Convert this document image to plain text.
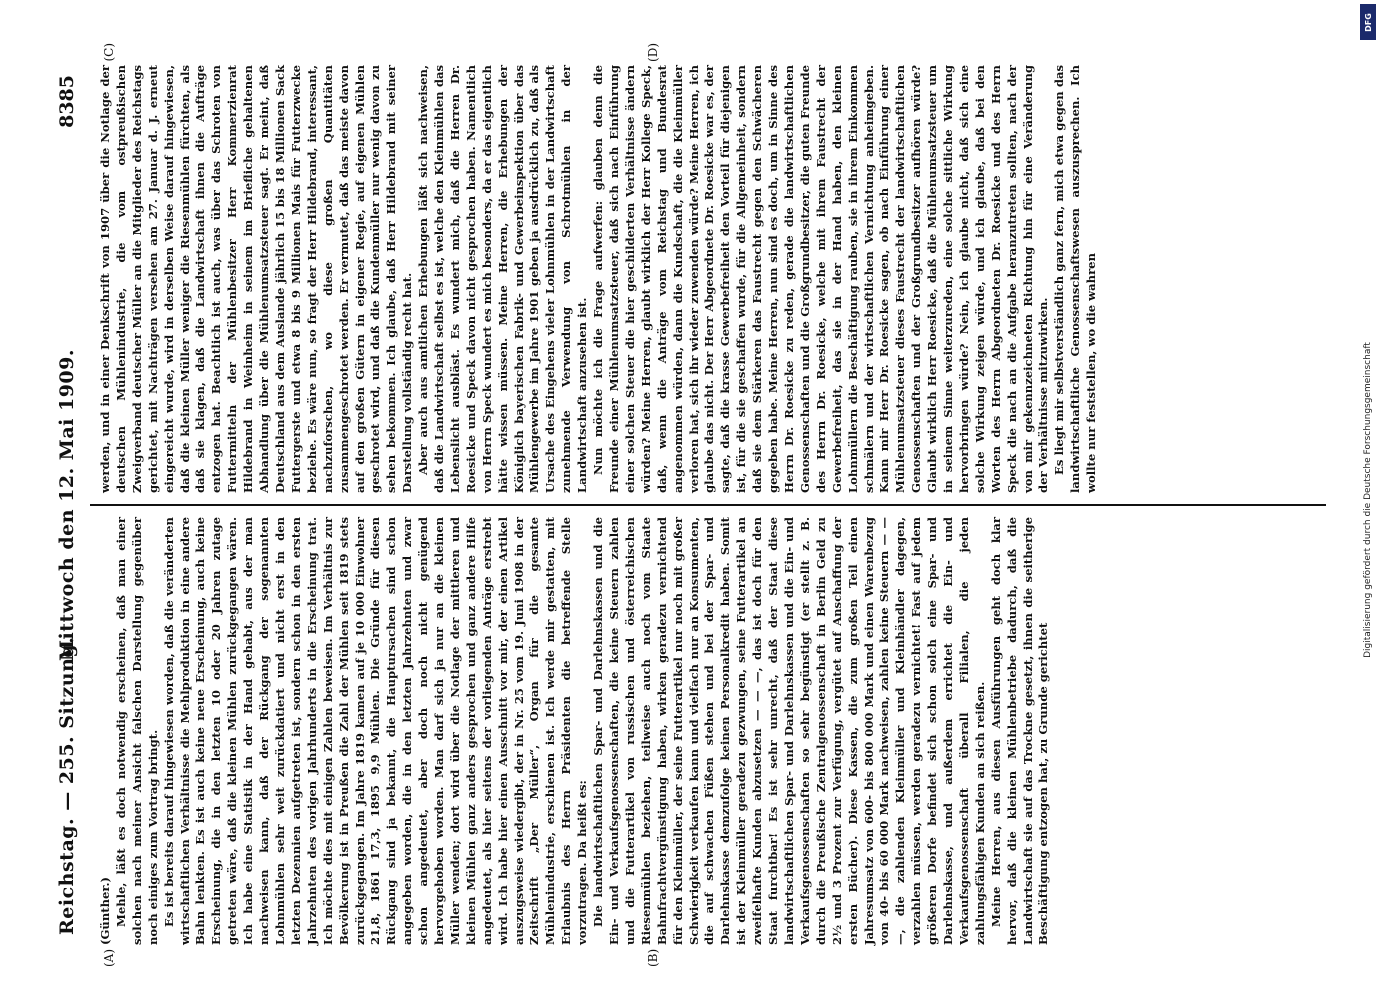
Reichstag. — 255. Sitzung.
Mittwoch den 12. Mai 1909.
8385
(A)	(B)
(C)	(D)

(Günther.) Mehle, läßt es doch notwendig erscheinen, daß man einer solchen nach meiner Ansicht falschen Darstellung gegenüber noch einiges zum Vortrag bringt. Es ist bereits darauf hingewiesen worden, daß die veränderten wirtschaftlichen Verhältnisse die Mehlproduktion in eine andere Bahn lenkten. Es ist auch keine neue Erscheinung, auch keine Erscheinung, die in den letzten 10 oder 20 Jahren zutage getreten wäre, daß die kleinen Mühlen zurückgegangen wären. Ich habe eine Statistik in der Hand gehabt, aus der man nachweisen kann, daß der Rückgang der sogenannten Lohnmühlen sehr weit zurückdatiert und nicht erst in den letzten Dezennien aufgetreten ist, sondern schon in den ersten Jahrzehnten des vorigen Jahrhunderts in die Erscheinung trat. Ich möchte dies mit einigen Zahlen beweisen. Im Verhältnis zur Bevölkerung ist in Preußen die Zahl der Mühlen seit 1819 stets zurückgegangen. Im Jahre 1819 kamen auf je 10 000 Einwohner 21,8, 1861 17,3, 1895 9,9 Mühlen. Die Gründe für diesen Rückgang sind ja bekannt, die Hauptursachen sind schon angegeben worden, die in den letzten Jahrzehnten und zwar schon angedeutet, aber doch noch nicht genügend hervorgehoben worden. Man darf sich ja nur an die kleinen Müller wenden; dort wird über die Notlage der mittleren und kleinen Mühlen ganz anders gesprochen und ganz andere Hilfe angedeutet, als hier seitens der vorliegenden Anträge erstrebt wird. Ich habe hier einen Ausschnitt vor mir, der einen Artikel auszugsweise wiedergibt, der in Nr. 25 vom 19. Juni 1908 in der Zeitschrift „Der Müller“, Organ für die gesamte Mühlenindustrie, erschienen ist. Ich werde mir gestatten, mit Erlaubnis des Herrn Präsidenten die betreffende Stelle vorzutragen. Da heißt es: Die landwirtschaftlichen Spar- und Darlehnskassen und die Ein- und Verkaufsgenossenschaften, die keine Steuern zahlen und die Futterartikel von russischen und österreichischen Riesenmühlen beziehen, teilweise auch noch vom Staate Bahnfrachtvergünstigung haben, wirken geradezu vernichtend für den Kleinmüller, der seine Futterartikel nur noch mit großer Schwierigkeit verkaufen kann und vielfach nur an Konsumenten, die auf schwachen Füßen stehen und bei der Spar- und Darlehnskasse demzufolge keinen Personalkredit haben. Somit ist der Kleinmüller geradezu gezwungen, seine Futterartikel an zweifelhafte Kunden abzusetzen — — —, das ist doch für den Staat furchtbar! Es ist sehr unrecht, daß der Staat diese landwirtschaftlichen Spar- und Darlehnskassen und die Ein- und Verkaufsgenossenschaften so sehr begünstigt (er stellt z. B. durch die Preußische Zentralgenossenschaft in Berlin Geld zu 2½ und 3 Prozent zur Verfügung, vergütet auf Anschaffung der ersten Bücher). Diese Kassen, die zum großen Teil einen Jahresumsatz von 600- bis 800 000 Mark und einen Warenbezug von 40- bis 60 000 Mark nachweisen, zahlen keine Steuern — — —, die zahlenden Kleinmüller und Kleinhändler dagegen, verzahlen müssen, werden geradezu vernichtet! Fast auf jedem größeren Dorfe befindet sich schon solch eine Spar- und Darlehnskasse, und außerdem errichtet die Ein- und Verkaufsgenossenschaft überall Filialen, die jeden zahlungsfähigen Kunden an sich reißen. Meine Herren, aus diesen Ausführungen geht doch klar hervor, daß die kleinen Mühlenbetriebe dadurch, daß die Landwirtschaft sie auf das Trockne gesetzt, ihnen die seitherige Beschäftigung entzogen hat, zu Grunde gerichtet

werden, und in einer Denkschrift von 1907 über die Notlage der deutschen Mühlenindustrie, die vom ostpreußischen Zweigverband deutscher Müller an die Mitglieder des Reichstags gerichtet, mit Nachträgen versehen am 27. Januar d. J. erneut eingereicht wurde, wird in derselben Weise darauf hingewiesen, daß die kleinen Müller weniger die Riesenmühlen fürchten, als daß sie klagen, daß die Landwirtschaft ihnen die Aufträge entzogen hat. Beachtlich ist auch, was über das Schroten von Futtermitteln der Mühlenbesitzer Herr Kommerzienrat Hildebrand in Weinheim in seinem im Briefliche gehaltenen Abhandlung über die Mühlenumsatzsteuer sagt. Er meint, daß Deutschland aus dem Auslande jährlich 15 bis 18 Millionen Sack Futtergerste und etwa 8 bis 9 Millionen Mais für Futterzwecke beziehe. Es wäre nun, so fragt der Herr Hildebrand, interessant, nachzuforschen, wo diese großen Quantitäten zusammengeschrotet werden. Er vermutet, daß das meiste davon auf den großen Gütern in eigener Regie, auf eigenen Mühlen geschrotet wird, und daß die Kundenmüller nur wenig davon zu sehen bekommen. Ich glaube, daß Herr Hildebrand mit seiner Darstellung vollständig recht hat. Aber auch aus amtlichen Erhebungen läßt sich nachweisen, daß die Landwirtschaft selbst es ist, welche den Kleinmühlen das Lebenslicht ausbläst. Es wundert mich, daß die Herren Dr. Roesicke und Speck davon nicht gesprochen haben. Namentlich von Herrn Speck wundert es mich besonders, da er das eigentlich hätte wissen müssen. Meine Herren, die Erhebungen der Königlich bayerischen Fabrik- und Gewerbeinspektion über das Mühlengewerbe im Jahre 1901 geben ja ausdrücklich zu, daß als Ursache des Eingehens vieler Lohnmühlen in der Landwirtschaft zunehmende Verwendung von Schrotmühlen in der Landwirtschaft anzusehen ist. Nun möchte ich die Frage aufwerfen: glauben denn die Freunde einer Mühlenumsatzsteuer, daß sich nach Einführung einer solchen Steuer die hier geschilderten Verhältnisse ändern würden? Meine Herren, glaubt wirklich der Herr Kollege Speck, daß, wenn die Anträge vom Reichstag und Bundesrat angenommen würden, dann die Kundschaft, die die Kleinmüller verloren hat, sich ihr wieder zuwenden würde? Meine Herren, ich glaube das nicht. Der Herr Abgeordnete Dr. Roesicke war es, der sagte, daß die krasse Gewerbefreiheit den Vorteil für diejenigen ist, für die sie geschaffen wurde, für die Allgemeinheit, sondern daß sie dem Stärkeren das Faustrecht gegen den Schwächeren gegeben habe. Meine Herren, nun sind es doch, um in Sinne des Herrn Dr. Roesicke zu reden, gerade die landwirtschaftlichen Genossenschaften und die Großgrundbesitzer, die guten Freunde des Herrn Dr. Roesicke, welche mit ihrem Faustrecht der Gewerbefreiheit, das sie in der Hand haben, den kleinen Lohnmüllern die Beschäftigung rauben, sie in ihrem Einkommen schmälern und der wirtschaftlichen Vernichtung anheimgeben. Kann mir Herr Dr. Roesicke sagen, ob nach Einführung einer Mühlenumsatzsteuer dieses Faustrecht der landwirtschaftlichen Genossenschaften und der Großgrundbesitzer aufhören würde? Glaubt wirklich Herr Roesicke, daß die Mühlenumsatzsteuer um in seinem Sinne weiterzureden, eine solche sittliche Wirkung hervorbringen würde? Nein, ich glaube nicht, daß sich eine solche Wirkung zeigen würde, und ich glaube, daß bei den Worten des Herrn Abgeordneten Dr. Roesicke und des Herrn Speck die nach an die Aufgabe heranzutreten sollten, nach der von mir gekennzeichneten Richtung hin für eine Veränderung der Verhältnisse mitzuwirken. Es liegt mir selbstverständlich ganz fern, mich etwa gegen das landwirtschaftliche Genossenschaftswesen auszusprechen. Ich wollte nur feststellen, wo die wahren

DFG
Digitalisierung gefördert durch die Deutsche Forschungsgemeinschaft
